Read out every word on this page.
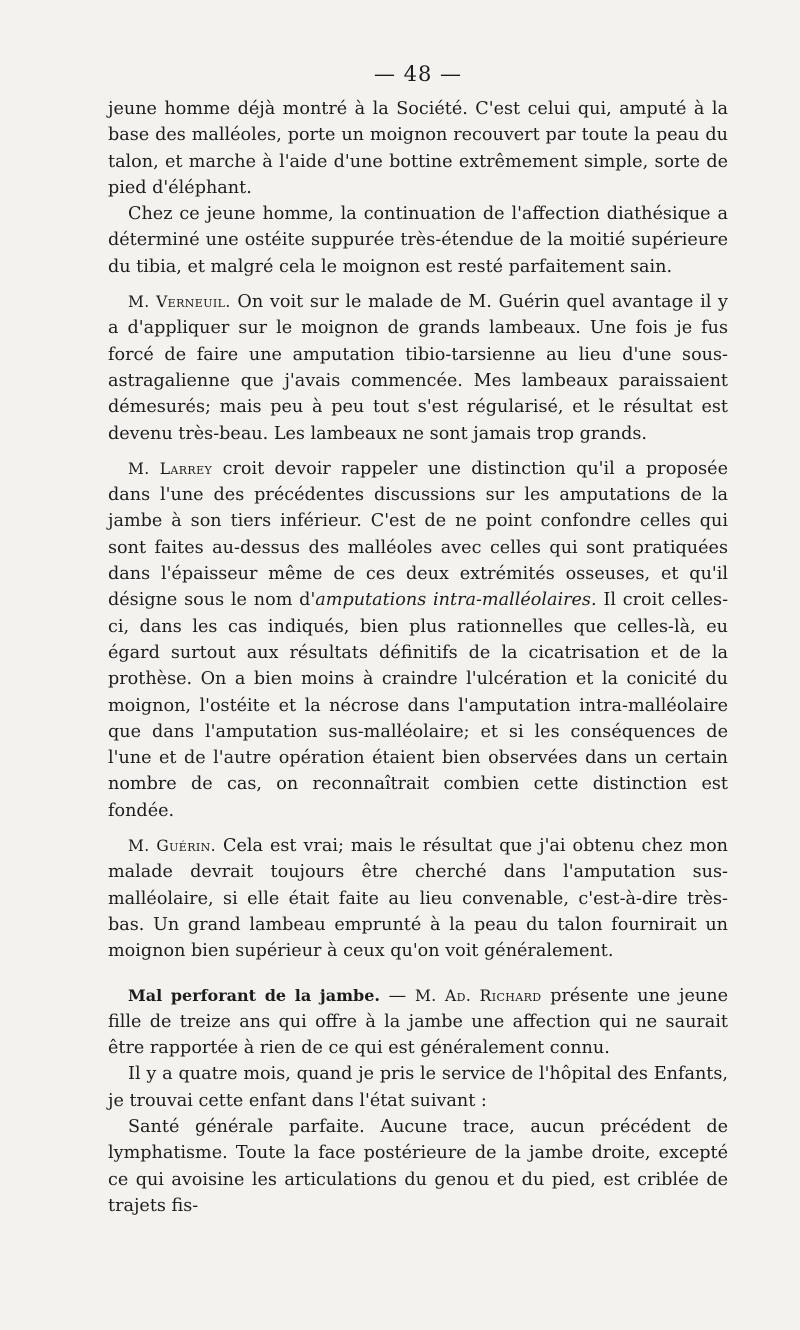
— 48 —

jeune homme déjà montré à la Société. C'est celui qui, amputé à la base des malléoles, porte un moignon recouvert par toute la peau du talon, et marche à l'aide d'une bottine extrêmement simple, sorte de pied d'éléphant.

Chez ce jeune homme, la continuation de l'affection diathésique a déterminé une ostéite suppurée très-étendue de la moitié supérieure du tibia, et malgré cela le moignon est resté parfaitement sain.

M. Verneuil. On voit sur le malade de M. Guérin quel avantage il y a d'appliquer sur le moignon de grands lambeaux. Une fois je fus forcé de faire une amputation tibio-tarsienne au lieu d'une sous-astragalienne que j'avais commencée. Mes lambeaux paraissaient démesurés; mais peu à peu tout s'est régularisé, et le résultat est devenu très-beau. Les lambeaux ne sont jamais trop grands.

M. Larrey croit devoir rappeler une distinction qu'il a proposée dans l'une des précédentes discussions sur les amputations de la jambe à son tiers inférieur. C'est de ne point confondre celles qui sont faites au-dessus des malléoles avec celles qui sont pratiquées dans l'épaisseur même de ces deux extrémités osseuses, et qu'il désigne sous le nom d'amputations intra-malléolaires. Il croit celles-ci, dans les cas indiqués, bien plus rationnelles que celles-là, eu égard surtout aux résultats définitifs de la cicatrisation et de la prothèse. On a bien moins à craindre l'ulcération et la conicité du moignon, l'ostéite et la nécrose dans l'amputation intra-malléolaire que dans l'amputation sus-malléolaire; et si les conséquences de l'une et de l'autre opération étaient bien observées dans un certain nombre de cas, on reconnaîtrait combien cette distinction est fondée.

M. Guérin. Cela est vrai; mais le résultat que j'ai obtenu chez mon malade devrait toujours être cherché dans l'amputation sus-malléolaire, si elle était faite au lieu convenable, c'est-à-dire très-bas. Un grand lambeau emprunté à la peau du talon fournirait un moignon bien supérieur à ceux qu'on voit généralement.

Mal perforant de la jambe. — M. Ad. Richard présente une jeune fille de treize ans qui offre à la jambe une affection qui ne saurait être rapportée à rien de ce qui est généralement connu.

Il y a quatre mois, quand je pris le service de l'hôpital des Enfants, je trouvai cette enfant dans l'état suivant :

Santé générale parfaite. Aucune trace, aucun précédent de lymphatisme. Toute la face postérieure de la jambe droite, excepté ce qui avoisine les articulations du genou et du pied, est criblée de trajets fis-
